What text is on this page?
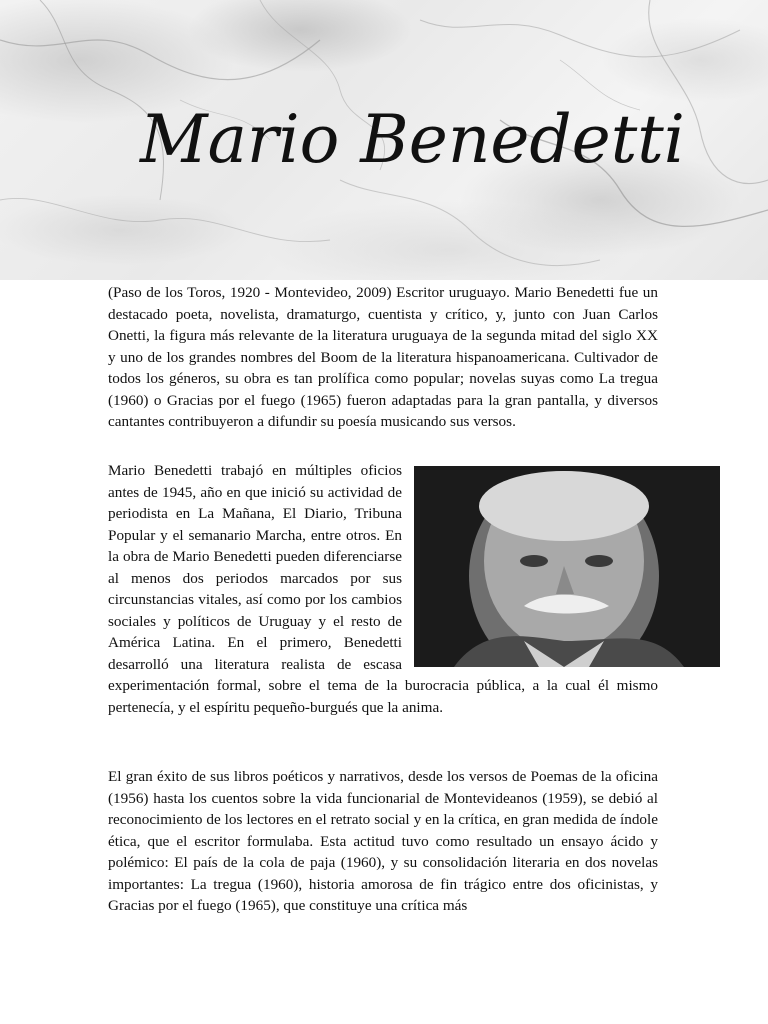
Mario Benedetti

(Paso de los Toros, 1920 - Montevideo, 2009) Escritor uruguayo. Mario Benedetti fue un destacado poeta, novelista, dramaturgo, cuentista y crítico, y, junto con Juan Carlos Onetti, la figura más relevante de la literatura uruguaya de la segunda mitad del siglo XX y uno de los grandes nombres del Boom de la literatura hispanoamericana. Cultivador de todos los géneros, su obra es tan prolífica como popular; novelas suyas como La tregua (1960) o Gracias por el fuego (1965) fueron adaptadas para la gran pantalla, y diversos cantantes contribuyeron a difundir su poesía musicando sus versos.

Mario Benedetti trabajó en múltiples oficios antes de 1945, año en que inició su actividad de periodista en La Mañana, El Diario, Tribuna Popular y el semanario Marcha, entre otros. En la obra de Mario Benedetti pueden diferenciarse al menos dos periodos marcados por sus circunstancias vitales, así como por los cambios sociales y políticos de Uruguay y el resto de América Latina. En el primero, Benedetti desarrolló una literatura realista de escasa experimentación formal, sobre el tema de la burocracia pública, a la cual él mismo pertenecía, y el espíritu pequeño-burgués que la anima.

El gran éxito de sus libros poéticos y narrativos, desde los versos de Poemas de la oficina (1956) hasta los cuentos sobre la vida funcionarial de Montevideanos (1959), se debió al reconocimiento de los lectores en el retrato social y en la crítica, en gran medida de índole ética, que el escritor formulaba. Esta actitud tuvo como resultado un ensayo ácido y polémico: El país de la cola de paja (1960), y su consolidación literaria en dos novelas importantes: La tregua (1960), historia amorosa de fin trágico entre dos oficinistas, y Gracias por el fuego (1965), que constituye una crítica más
